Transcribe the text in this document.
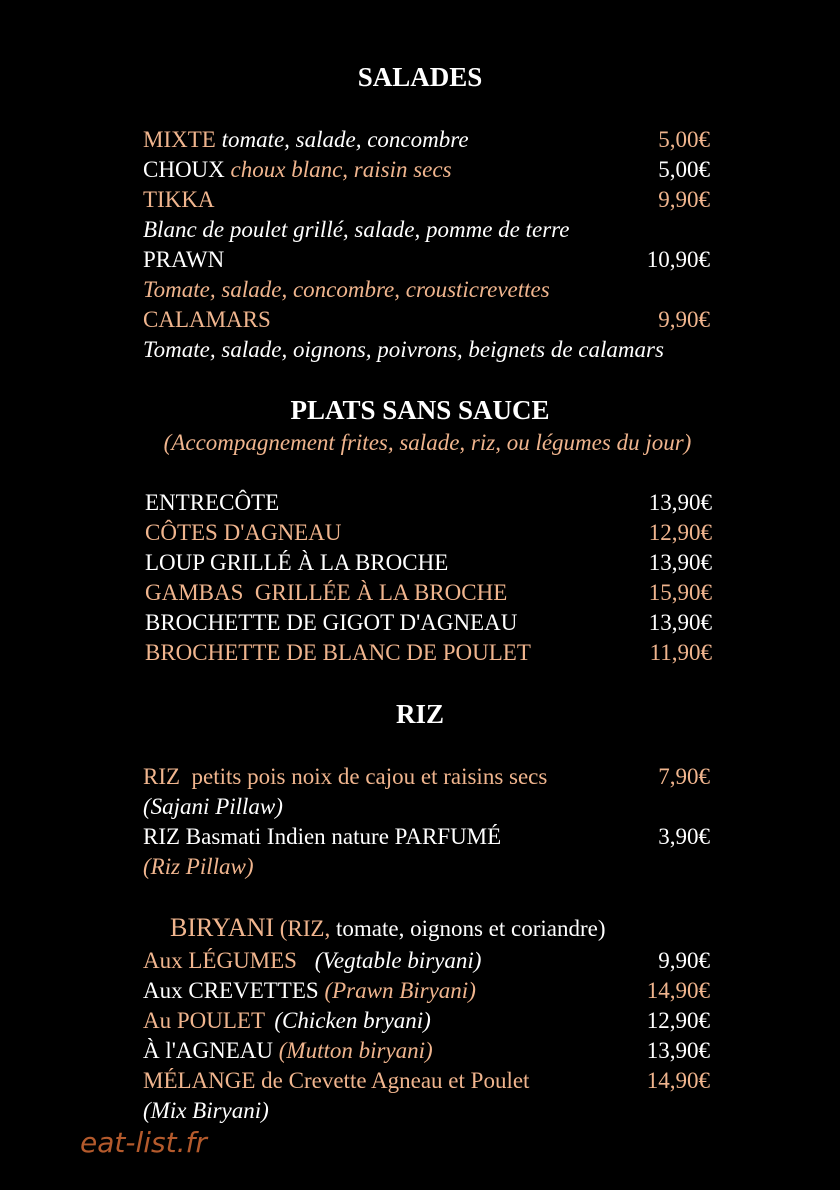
SALADES
MIXTE tomate, salade, concombre	5,00€
CHOUX choux blanc, raisin secs	5,00€
TIKKA	9,90€
Blanc de poulet grillé, salade, pomme de terre
PRAWN	10,90€
Tomate, salade, concombre, crousticrevettes
CALAMARS	9,90€
Tomate, salade, oignons, poivrons, beignets de calamars
PLATS SANS SAUCE
(Accompagnement frites, salade, riz, ou légumes du jour)
ENTRECÔTE	13,90€
CÔTES D'AGNEAU	12,90€
LOUP GRILLÉ À LA BROCHE	13,90€
GAMBAS  GRILLÉE À LA BROCHE	15,90€
BROCHETTE DE GIGOT D'AGNEAU	13,90€
BROCHETTE DE BLANC DE POULET	11,90€
RIZ
RIZ  petits pois noix de cajou et raisins secs	7,90€
(Sajani Pillaw)
RIZ Basmati Indien nature PARFUMÉ	3,90€
(Riz Pillaw)
BIRYANI (RIZ, tomate, oignons et coriandre)
Aux LÉGUMES (Vegtable biryani)	9,90€
Aux CREVETTES (Prawn Biryani)	14,90€
Au POULET (Chicken bryani)	12,90€
À l'AGNEAU (Mutton biryani)	13,90€
MÉLANGE de Crevette Agneau et Poulet	14,90€
(Mix Biryani)
eat-list.fr
